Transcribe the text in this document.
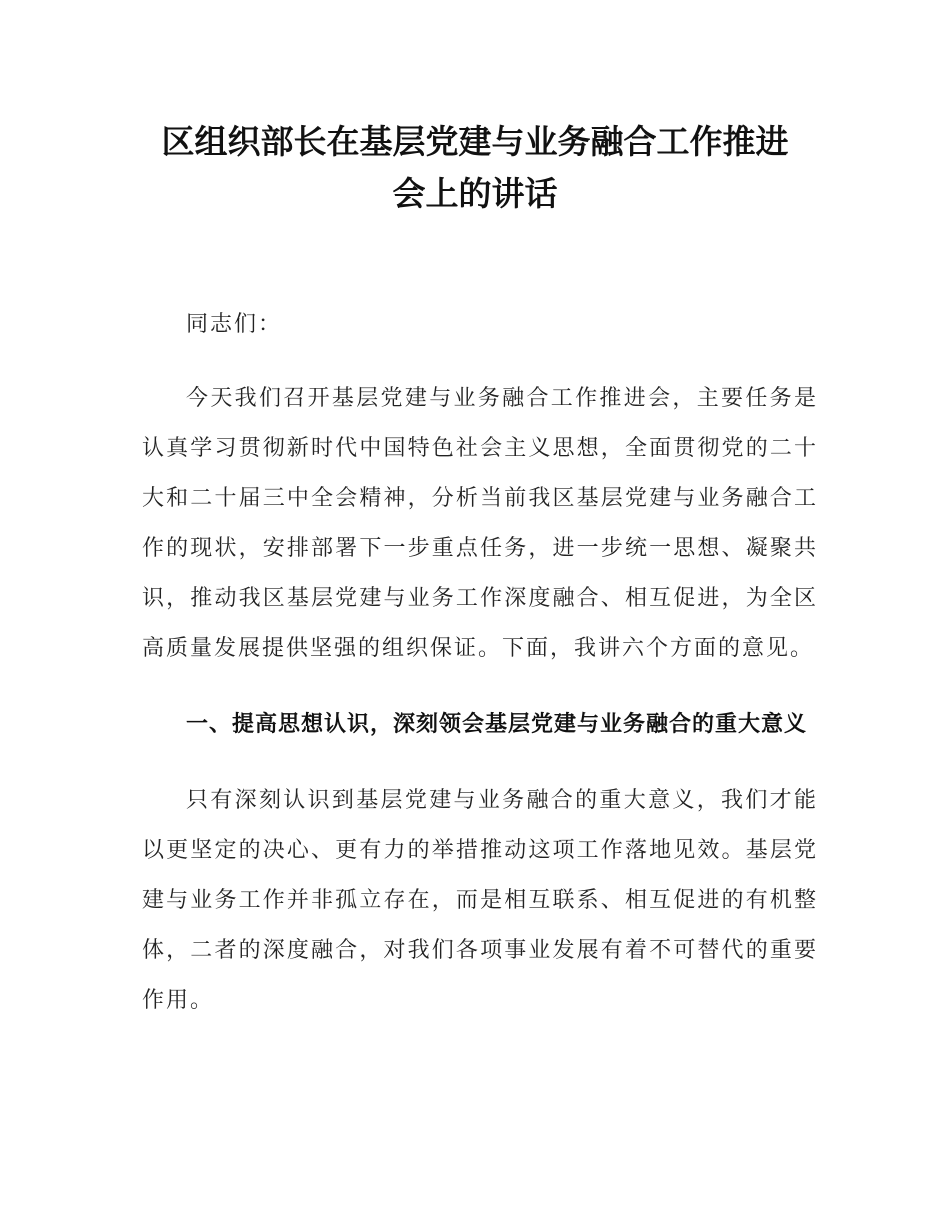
区组织部长在基层党建与业务融合工作推进
会上的讲话

同志们：

今天我们召开基层党建与业务融合工作推进会，主要任务是认真学习贯彻新时代中国特色社会主义思想，全面贯彻党的二十大和二十届三中全会精神，分析当前我区基层党建与业务融合工作的现状，安排部署下一步重点任务，进一步统一思想、凝聚共识，推动我区基层党建与业务工作深度融合、相互促进，为全区高质量发展提供坚强的组织保证。下面，我讲六个方面的意见。

一、提高思想认识，深刻领会基层党建与业务融合的重大意义

只有深刻认识到基层党建与业务融合的重大意义，我们才能以更坚定的决心、更有力的举措推动这项工作落地见效。基层党建与业务工作并非孤立存在，而是相互联系、相互促进的有机整体，二者的深度融合，对我们各项事业发展有着不可替代的重要作用。
